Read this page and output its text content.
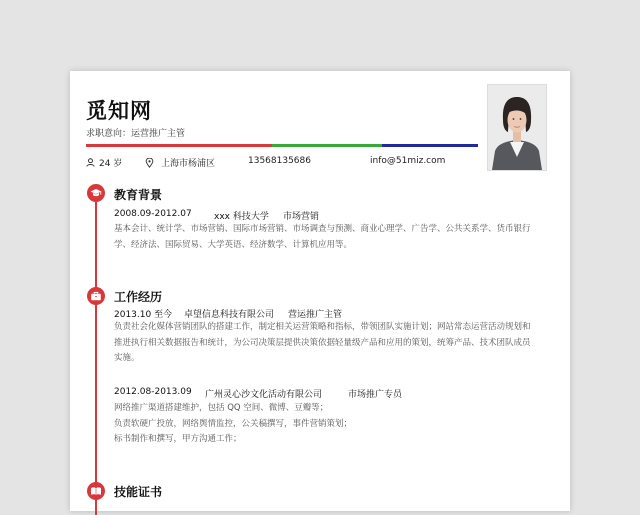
觅知网
求职意向：运营推广主管
24 岁	上海市杨浦区	13568135686	info@51miz.com
教育背景
2008.09-2012.07 xxx 科技大学 市场营销
基本会计、统计学、市场营销、国际市场营销、市场调查与预测、商业心理学、广告学、公共关系学、货币银行
学、经济法、国际贸易、大学英语、经济数学、计算机应用等。
工作经历
2013.10 至今 卓望信息科技有限公司 营运推广主管
负责社会化媒体营销团队的搭建工作，制定相关运营策略和指标，带领团队实施计划；网站常态运营活动规划和
推进执行相关数据报告和统计，为公司决策层提供决策依据轻量级产品和应用的策划，统筹产品、技术团队成员
实施。
2012.08-2013.09 广州灵心沙文化活动有限公司	市场推广专员
网络推广渠道搭建维护，包括 QQ 空间、微博、豆瓣等；
负责软硬广投放，网络舆情监控，公关稿撰写，事件营销策划；
标书制作和撰写，甲方沟通工作；
技能证书
